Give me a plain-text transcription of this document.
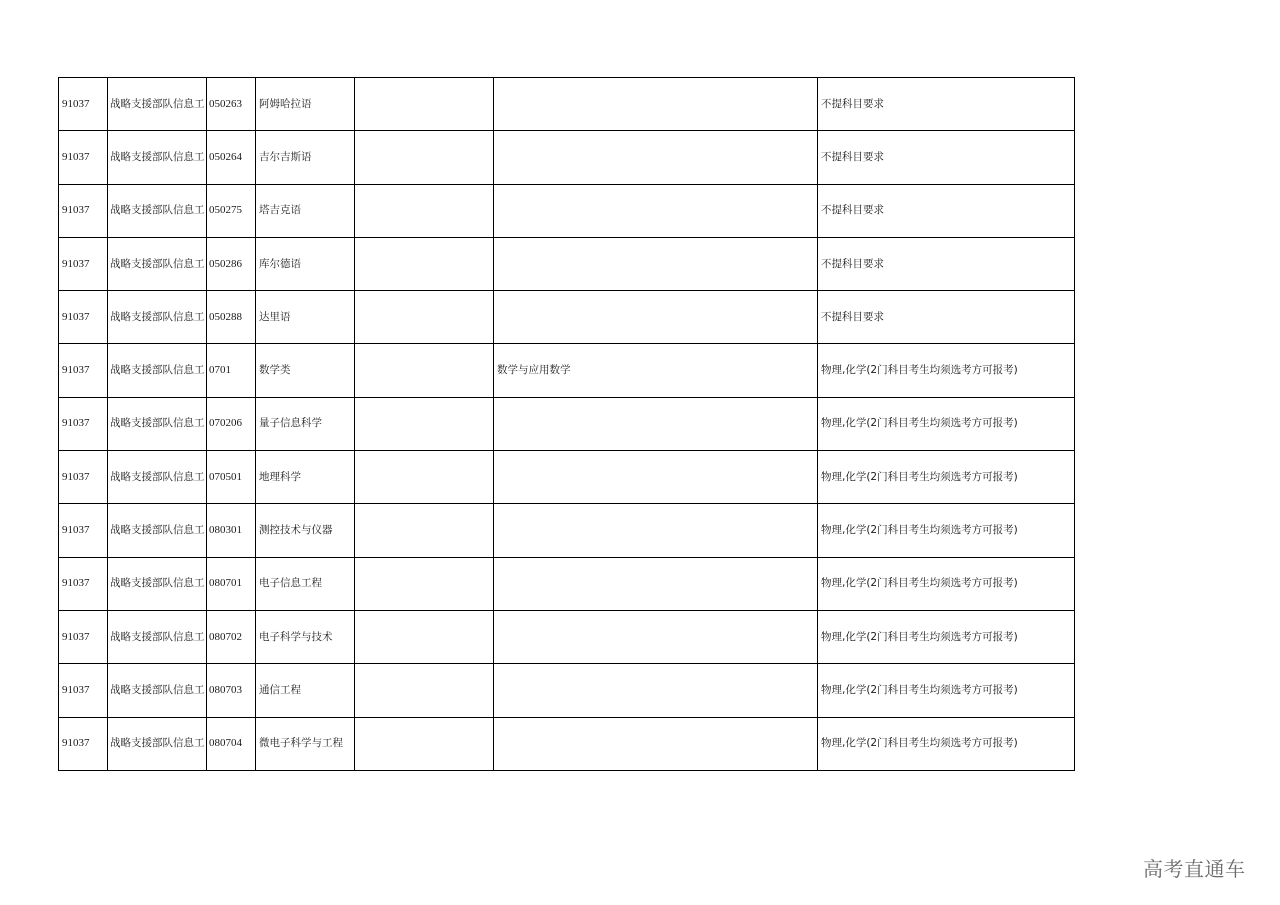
91037	战略支援部队信息工	050263	阿姆哈拉语			不提科目要求
91037	战略支援部队信息工	050264	吉尔吉斯语			不提科目要求
91037	战略支援部队信息工	050275	塔吉克语			不提科目要求
91037	战略支援部队信息工	050286	库尔德语			不提科目要求
91037	战略支援部队信息工	050288	达里语			不提科目要求
91037	战略支援部队信息工	0701	数学类		数学与应用数学	物理,化学(2门科目考生均须选考方可报考)
91037	战略支援部队信息工	070206	量子信息科学			物理,化学(2门科目考生均须选考方可报考)
91037	战略支援部队信息工	070501	地理科学			物理,化学(2门科目考生均须选考方可报考)
91037	战略支援部队信息工	080301	测控技术与仪器			物理,化学(2门科目考生均须选考方可报考)
91037	战略支援部队信息工	080701	电子信息工程			物理,化学(2门科目考生均须选考方可报考)
91037	战略支援部队信息工	080702	电子科学与技术			物理,化学(2门科目考生均须选考方可报考)
91037	战略支援部队信息工	080703	通信工程			物理,化学(2门科目考生均须选考方可报考)
91037	战略支援部队信息工	080704	微电子科学与工程			物理,化学(2门科目考生均须选考方可报考)
高考直通车
